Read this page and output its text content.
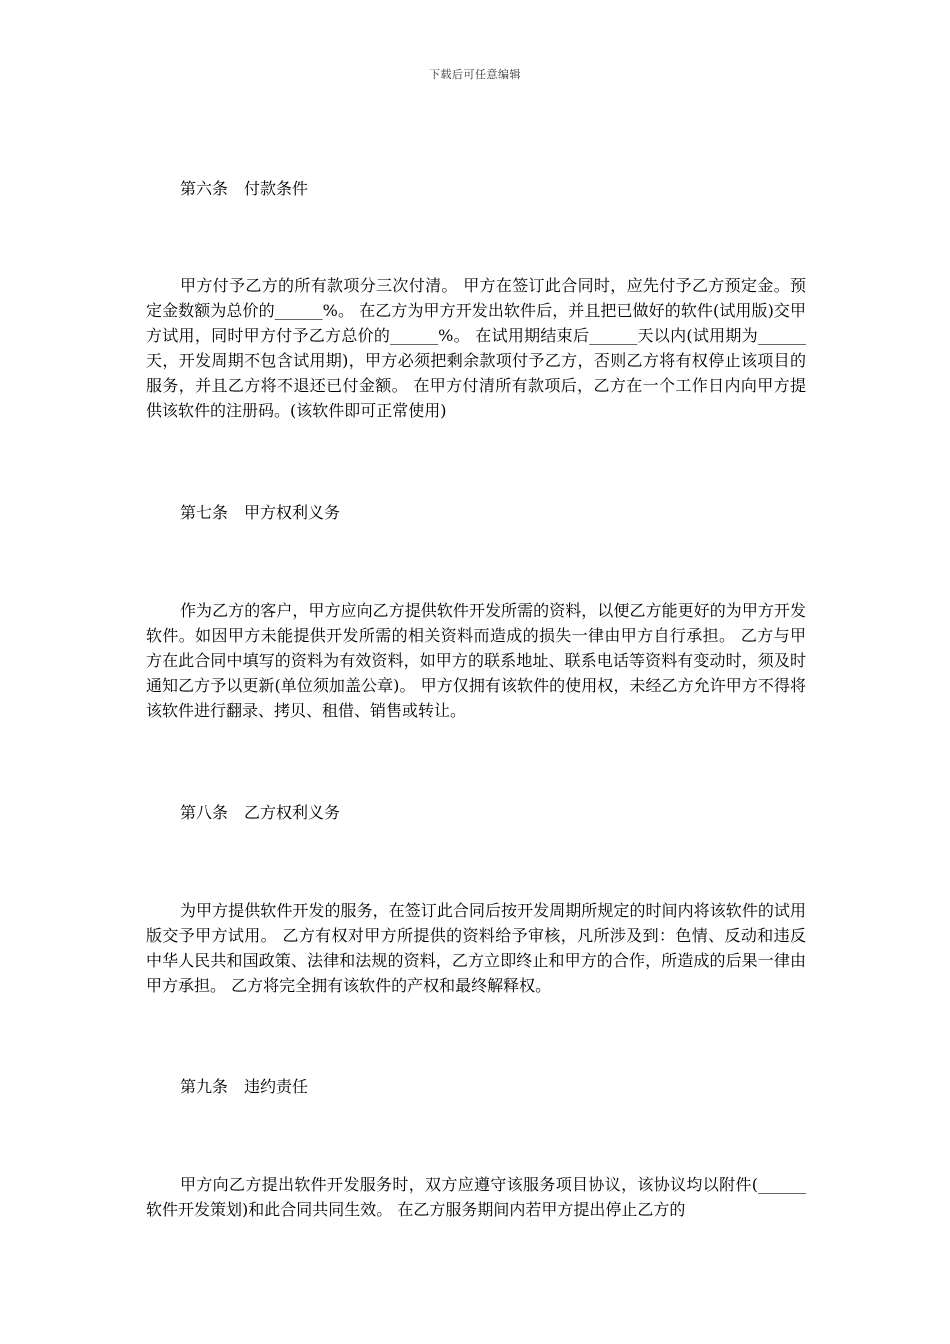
下载后可任意编辑
第六条　付款条件

甲方付予乙方的所有款项分三次付清。 甲方在签订此合同时，应先付予乙方预定金。预定金数额为总价的______%。 在乙方为甲方开发出软件后，并且把已做好的软件(试用版)交甲方试用，同时甲方付予乙方总价的______%。 在试用期结束后______天以内(试用期为______天，开发周期不包含试用期)，甲方必须把剩余款项付予乙方，否则乙方将有权停止该项目的服务，并且乙方将不退还已付金额。 在甲方付清所有款项后，乙方在一个工作日内向甲方提供该软件的注册码。(该软件即可正常使用)

第七条　甲方权利义务

作为乙方的客户，甲方应向乙方提供软件开发所需的资料，以便乙方能更好的为甲方开发软件。如因甲方未能提供开发所需的相关资料而造成的损失一律由甲方自行承担。 乙方与甲方在此合同中填写的资料为有效资料，如甲方的联系地址、联系电话等资料有变动时，须及时通知乙方予以更新(单位须加盖公章)。 甲方仅拥有该软件的使用权，未经乙方允许甲方不得将该软件进行翻录、拷贝、租借、销售或转让。

第八条　乙方权利义务

为甲方提供软件开发的服务，在签订此合同后按开发周期所规定的时间内将该软件的试用版交予甲方试用。 乙方有权对甲方所提供的资料给予审核，凡所涉及到：色情、反动和违反中华人民共和国政策、法律和法规的资料，乙方立即终止和甲方的合作，所造成的后果一律由甲方承担。 乙方将完全拥有该软件的产权和最终解释权。

第九条　违约责任

甲方向乙方提出软件开发服务时，双方应遵守该服务项目协议，该协议均以附件(______软件开发策划)和此合同共同生效。 在乙方服务期间内若甲方提出停止乙方的
